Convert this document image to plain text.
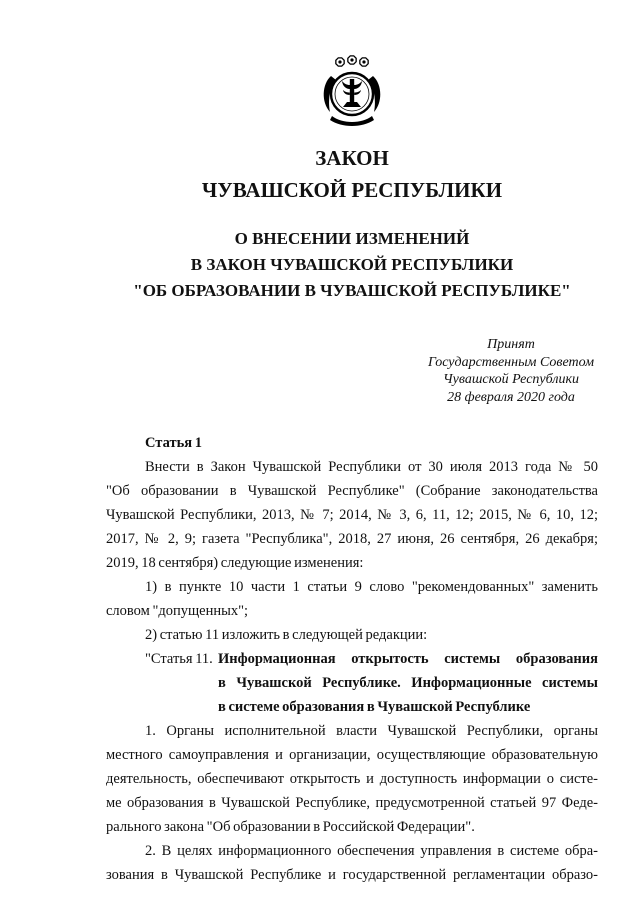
ЗАКОН
ЧУВАШСКОЙ РЕСПУБЛИКИ
О ВНЕСЕНИИ ИЗМЕНЕНИЙ
В ЗАКОН ЧУВАШСКОЙ РЕСПУБЛИКИ
"ОБ ОБРАЗОВАНИИ В ЧУВАШСКОЙ РЕСПУБЛИКЕ"
Принят
Государственным Советом
Чувашской Республики
28 февраля 2020 года
Статья 1
Внести в Закон Чувашской Республики от 30 июля 2013 года № 50
"Об образовании в Чувашской Республике" (Собрание законодательства
Чувашской Республики, 2013, № 7; 2014, № 3, 6, 11, 12; 2015, № 6, 10, 12;
2017, № 2, 9; газета "Республика", 2018, 27 июня, 26 сентября, 26 декабря;
2019, 18 сентября) следующие изменения:
1) в пункте 10 части 1 статьи 9 слово "рекомендованных" заменить
словом "допущенных";
2) статью 11 изложить в следующей редакции:
"Статья 11. Информационная открытость системы образования
в Чувашской Республике. Информационные системы
в системе образования в Чувашской Республике
1. Органы исполнительной власти Чувашской Республики, органы
местного самоуправления и организации, осуществляющие образовательную
деятельность, обеспечивают открытость и доступность информации о систе-
ме образования в Чувашской Республике, предусмотренной статьей 97 Феде-
рального закона "Об образовании в Российской Федерации".
2. В целях информационного обеспечения управления в системе обра-
зования в Чувашской Республике и государственной регламентации образо-
